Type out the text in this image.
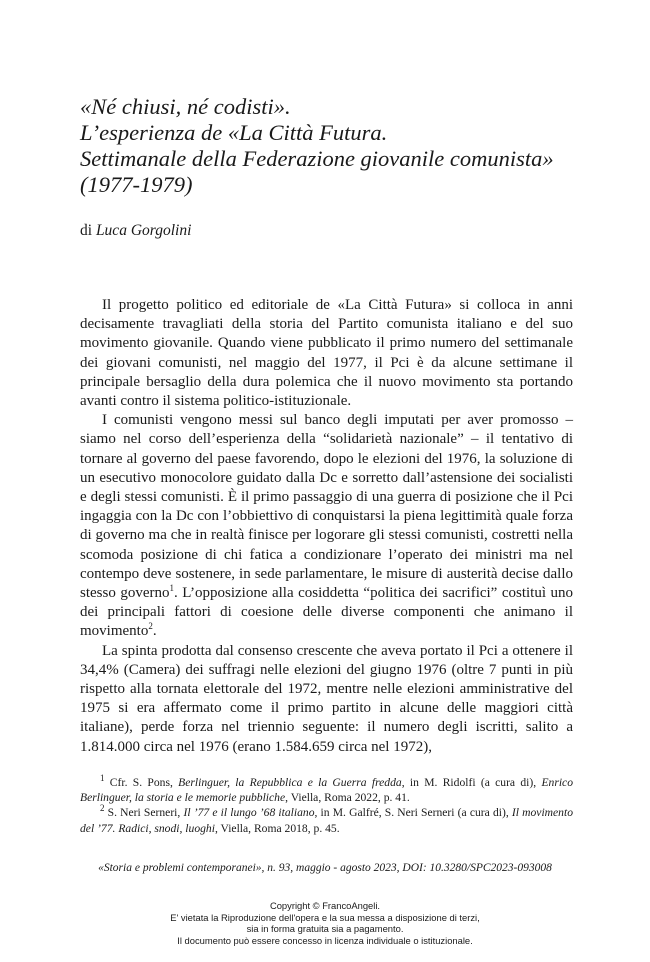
«Né chiusi, né codisti».
L’esperienza de «La Città Futura.
Settimanale della Federazione giovanile comunista»
(1977-1979)

di Luca Gorgolini

Il progetto politico ed editoriale de «La Città Futura» si colloca in anni decisamente travagliati della storia del Partito comunista italiano e del suo movimento giovanile. Quando viene pubblicato il primo numero del settimanale dei giovani comunisti, nel maggio del 1977, il Pci è da alcune settimane il principale bersaglio della dura polemica che il nuovo movimento sta portando avanti contro il sistema politico-istituzionale.

I comunisti vengono messi sul banco degli imputati per aver promosso – siamo nel corso dell’esperienza della “solidarietà nazionale” – il tentativo di tornare al governo del paese favorendo, dopo le elezioni del 1976, la soluzione di un esecutivo monocolore guidato dalla Dc e sorretto dall’astensione dei socialisti e degli stessi comunisti. È il primo passaggio di una guerra di posizione che il Pci ingaggia con la Dc con l’obbiettivo di conquistarsi la piena legittimità quale forza di governo ma che in realtà finisce per logorare gli stessi comunisti, costretti nella scomoda posizione di chi fatica a condizionare l’operato dei ministri ma nel contempo deve sostenere, in sede parlamentare, le misure di austerità decise dallo stesso governo$^1$. L’opposizione alla cosiddetta “politica dei sacrifici” costituì uno dei principali fattori di coesione delle diverse componenti che animano il movimento$^2$.

La spinta prodotta dal consenso crescente che aveva portato il Pci a ottenere il 34,4% (Camera) dei suffragi nelle elezioni del giugno 1976 (oltre 7 punti in più rispetto alla tornata elettorale del 1972, mentre nelle elezioni amministrative del 1975 si era affermato come il primo partito in alcune delle maggiori città italiane), perde forza nel triennio seguente: il numero degli iscritti, salito a 1.814.000 circa nel 1976 (erano 1.584.659 circa nel 1972),

$^1$ Cfr. S. Pons, Berlinguer, la Repubblica e la Guerra fredda, in M. Ridolfi (a cura di), Enrico Berlinguer, la storia e le memorie pubbliche, Viella, Roma 2022, p. 41.

$^2$ S. Neri Serneri, Il ’77 e il lungo ’68 italiano, in M. Galfré, S. Neri Serneri (a cura di), Il movimento del ’77. Radici, snodi, luoghi, Viella, Roma 2018, p. 45.

«Storia e problemi contemporanei», n. 93, maggio - agosto 2023, DOI: 10.3280/SPC2023-093008

Copyright © FrancoAngeli.
E' vietata la Riproduzione dell'opera e la sua messa a disposizione di terzi,
sia in forma gratuita sia a pagamento.
Il documento può essere concesso in licenza individuale o istituzionale.
